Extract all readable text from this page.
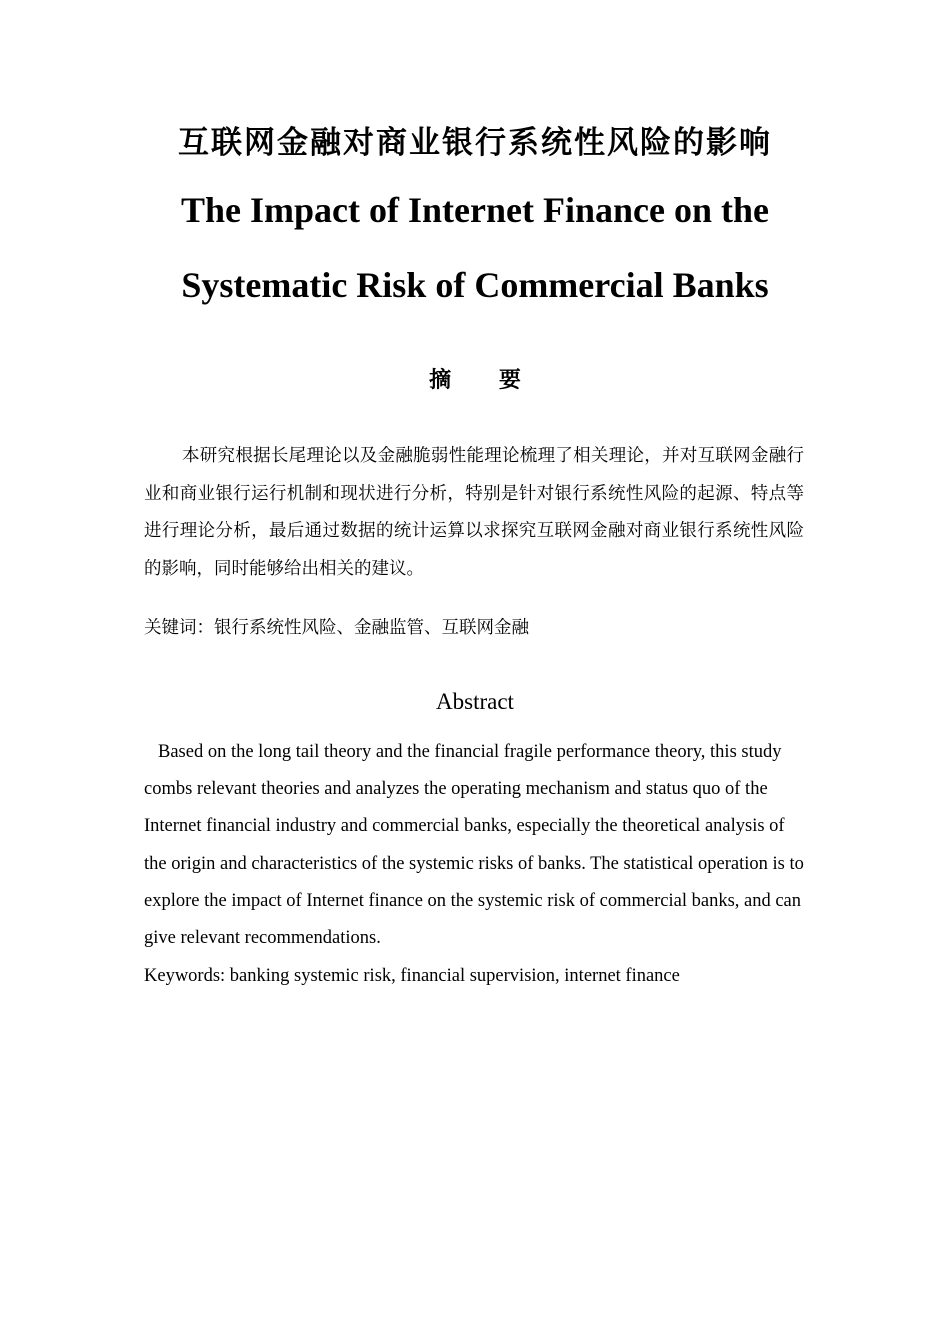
互联网金融对商业银行系统性风险的影响
The Impact of Internet Finance on the
Systematic Risk of Commercial Banks
摘 要
本研究根据长尾理论以及金融脆弱性能理论梳理了相关理论，并对互联网金融行业和商业银行运行机制和现状进行分析，特别是针对银行系统性风险的起源、特点等进行理论分析，最后通过数据的统计运算以求探究互联网金融对商业银行系统性风险的影响，同时能够给出相关的建议。
关键词：银行系统性风险、金融监管、互联网金融
Abstract
Based on the long tail theory and the financial fragile performance theory, this study combs relevant theories and analyzes the operating mechanism and status quo of the Internet financial industry and commercial banks, especially the theoretical analysis of the origin and characteristics of the systemic risks of banks. The statistical operation is to explore the impact of Internet finance on the systemic risk of commercial banks, and can give relevant recommendations.
Keywords: banking systemic risk, financial supervision, internet finance
